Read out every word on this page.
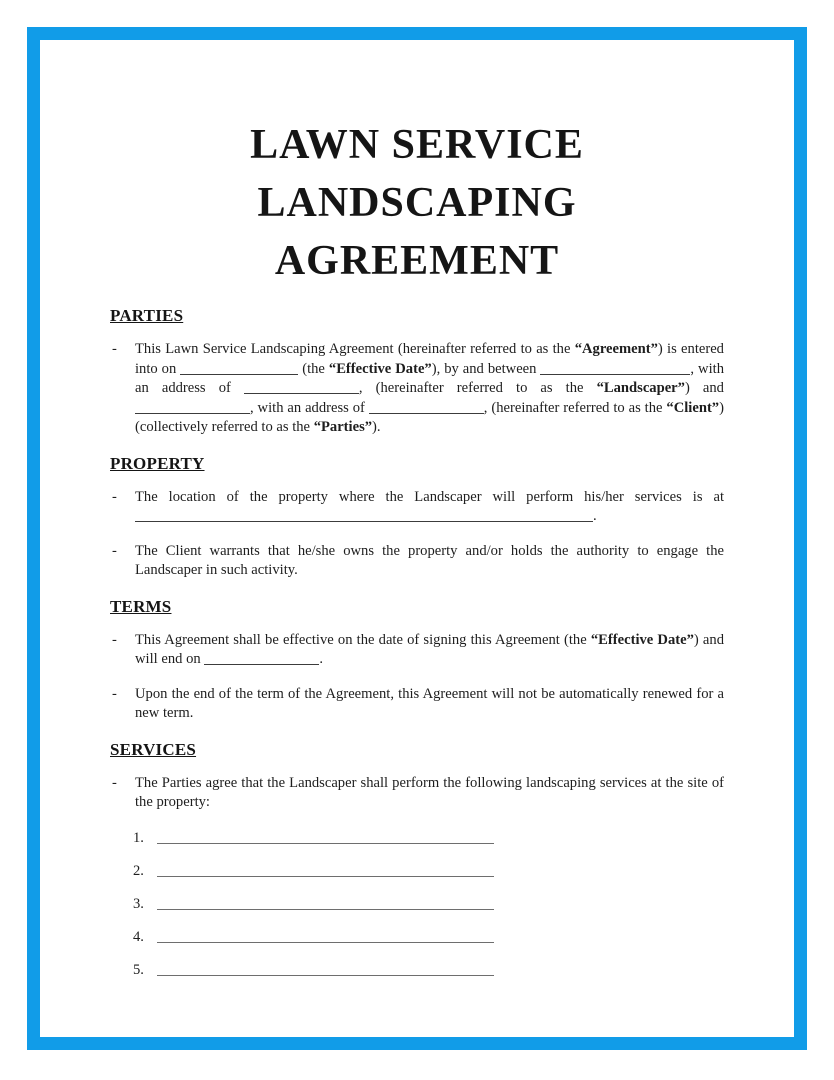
LAWN SERVICE
LANDSCAPING
AGREEMENT
PARTIES
- This Lawn Service Landscaping Agreement (hereinafter referred to as the “Agreement”) is entered into on	(the “Effective Date”), by and between	, with an address of	, (hereinafter referred to as the “Landscaper”) and , with an address of	, (hereinafter referred to as the “Client”) (collectively referred to as the “Parties”).
PROPERTY
- The location of the property where the Landscaper will perform his/her services is at .
- The Client warrants that he/she owns the property and/or holds the authority to engage the Landscaper in such activity.
TERMS
- This Agreement shall be effective on the date of signing this Agreement (the “Effective Date”) and will end on	.
- Upon the end of the term of the Agreement, this Agreement will not be automatically renewed for a new term.
SERVICES
- The Parties agree that the Landscaper shall perform the following landscaping services at the site of the property:
1.
2.
3.
4.
5.
